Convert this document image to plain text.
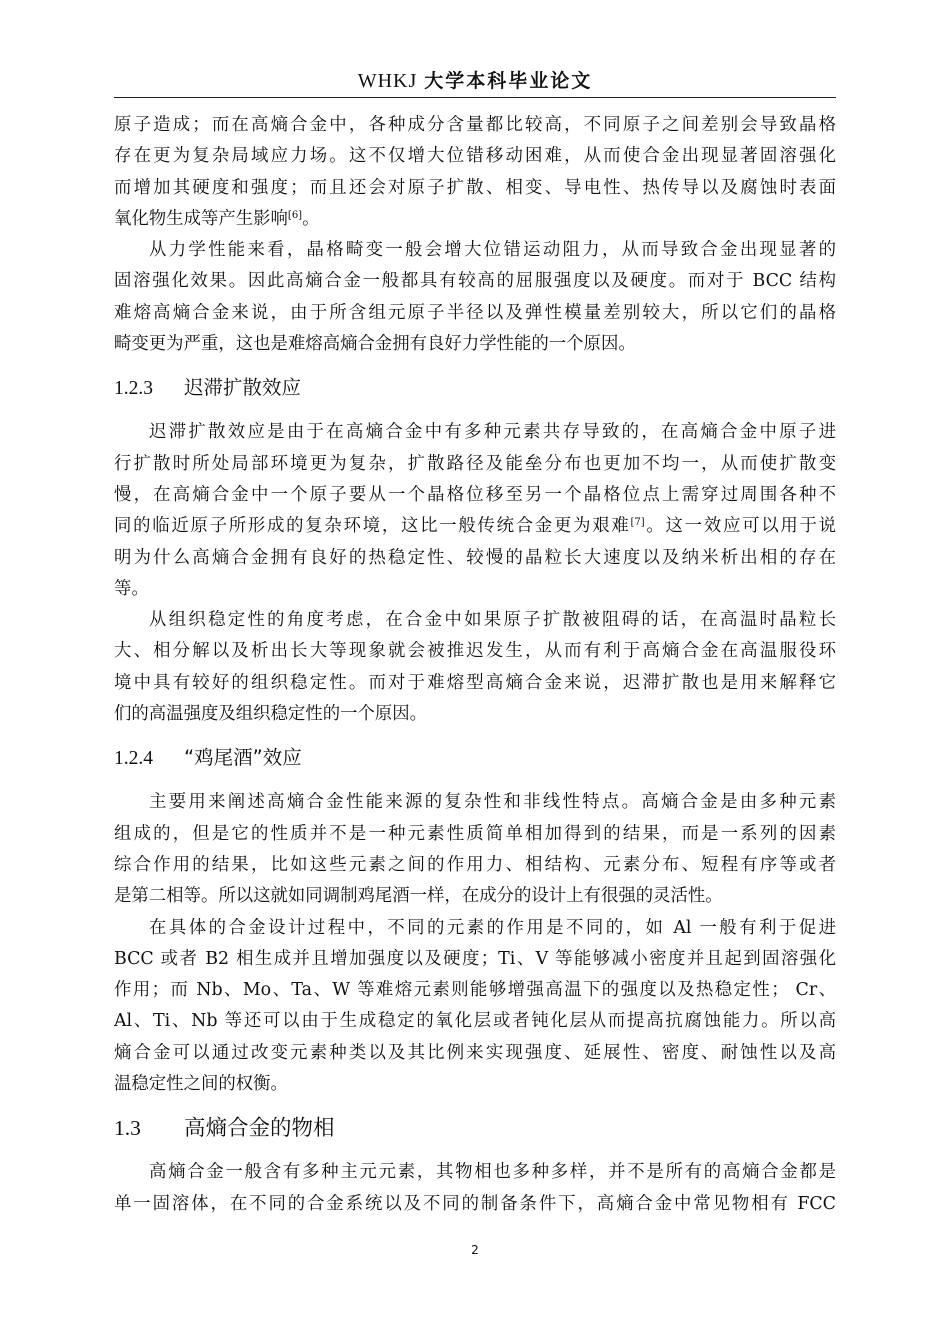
WHKJ 大学本科毕业论文

原子造成；而在高熵合金中，各种成分含量都比较高，不同原子之间差别会导致晶格
存在更为复杂局域应力场。这不仅增大位错移动困难，从而使合金出现显著固溶强化
而增加其硬度和强度；而且还会对原子扩散、相变、导电性、热传导以及腐蚀时表面
氧化物生成等产生影响[6]。

从力学性能来看，晶格畸变一般会增大位错运动阻力，从而导致合金出现显著的
固溶强化效果。因此高熵合金一般都具有较高的屈服强度以及硬度。而对于 BCC 结构
难熔高熵合金来说，由于所含组元原子半径以及弹性模量差别较大，所以它们的晶格
畸变更为严重，这也是难熔高熵合金拥有良好力学性能的一个原因。

1.2.3 迟滞扩散效应

迟滞扩散效应是由于在高熵合金中有多种元素共存导致的，在高熵合金中原子进
行扩散时所处局部环境更为复杂，扩散路径及能垒分布也更加不均一，从而使扩散变
慢，在高熵合金中一个原子要从一个晶格位移至另一个晶格位点上需穿过周围各种不
同的临近原子所形成的复杂环境，这比一般传统合金更为艰难[7]。这一效应可以用于说
明为什么高熵合金拥有良好的热稳定性、较慢的晶粒长大速度以及纳米析出相的存在
等。

从组织稳定性的角度考虑，在合金中如果原子扩散被阻碍的话，在高温时晶粒长
大、相分解以及析出长大等现象就会被推迟发生，从而有利于高熵合金在高温服役环
境中具有较好的组织稳定性。而对于难熔型高熵合金来说，迟滞扩散也是用来解释它
们的高温强度及组织稳定性的一个原因。

1.2.4 “鸡尾酒”效应

主要用来阐述高熵合金性能来源的复杂性和非线性特点。高熵合金是由多种元素
组成的，但是它的性质并不是一种元素性质简单相加得到的结果，而是一系列的因素
综合作用的结果，比如这些元素之间的作用力、相结构、元素分布、短程有序等或者
是第二相等。所以这就如同调制鸡尾酒一样，在成分的设计上有很强的灵活性。

在具体的合金设计过程中，不同的元素的作用是不同的，如 Al 一般有利于促进
BCC 或者 B2 相生成并且增加强度以及硬度；Ti、V 等能够减小密度并且起到固溶强化
作用；而 Nb、Mo、Ta、W 等难熔元素则能够增强高温下的强度以及热稳定性； Cr、
Al、Ti、Nb 等还可以由于生成稳定的氧化层或者钝化层从而提高抗腐蚀能力。所以高
熵合金可以通过改变元素种类以及其比例来实现强度、延展性、密度、耐蚀性以及高
温稳定性之间的权衡。

1.3 高熵合金的物相

高熵合金一般含有多种主元元素，其物相也多种多样，并不是所有的高熵合金都是
单一固溶体，在不同的合金系统以及不同的制备条件下，高熵合金中常见物相有 FCC

2
